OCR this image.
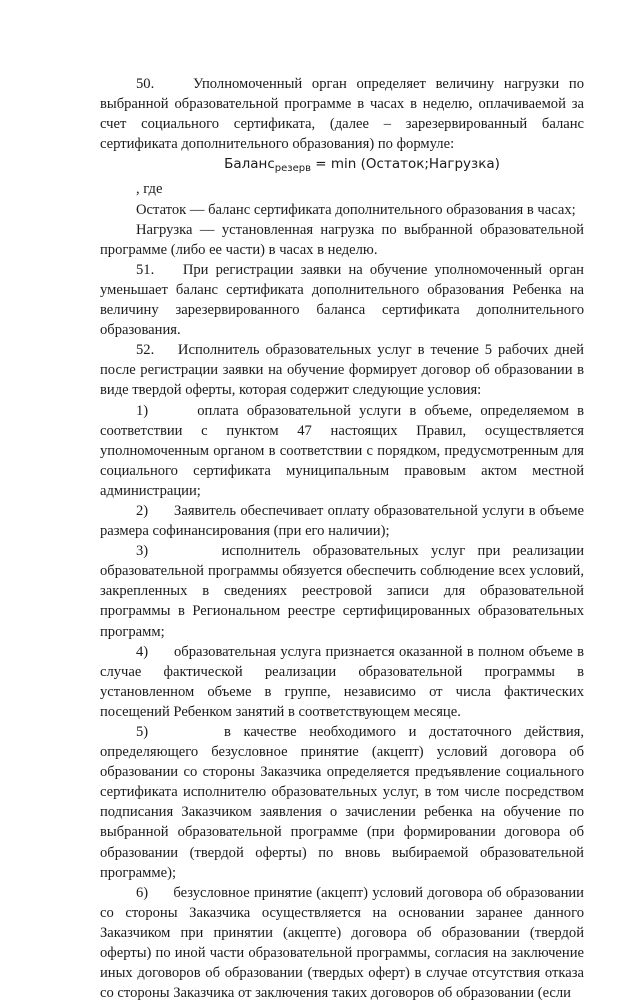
50.    Уполномоченный орган определяет величину нагрузки по выбранной образовательной программе в часах в неделю, оплачиваемой за счет социального сертификата, (далее – зарезервированный баланс сертификата дополнительного образования) по формуле:

Баланс$_{резерв}$ = min (Остаток;Нагрузка)

, где

Остаток — баланс сертификата дополнительного образования в часах;

Нагрузка — установленная нагрузка по выбранной образовательной программе (либо ее части) в часах в неделю.

51.    При регистрации заявки на обучение уполномоченный орган уменьшает баланс сертификата дополнительного образования Ребенка на величину зарезервированного баланса сертификата дополнительного образования.

52.    Исполнитель образовательных услуг в течение 5 рабочих дней после регистрации заявки на обучение формирует договор об образовании в виде твердой оферты, которая содержит следующие условия:

1)      оплата образовательной услуги в объеме, определяемом в соответствии с пунктом 47 настоящих Правил, осуществляется уполномоченным органом в соответствии с порядком, предусмотренным для социального сертификата муниципальным правовым актом местной администрации;

2)      Заявитель обеспечивает оплату образовательной услуги в объеме размера софинансирования (при его наличии);

3)      исполнитель образовательных услуг при реализации образовательной программы обязуется обеспечить соблюдение всех условий, закрепленных в сведениях реестровой записи для образовательной программы в Региональном реестре сертифицированных образовательных программ;

4)      образовательная услуга признается оказанной в полном объеме в случае фактической реализации образовательной программы в установленном объеме в группе, независимо от числа фактических посещений Ребенком занятий в соответствующем месяце.

5)      в качестве необходимого и достаточного действия, определяющего безусловное принятие (акцепт) условий договора об образовании со стороны Заказчика определяется предъявление социального сертификата исполнителю образовательных услуг, в том числе посредством подписания Заказчиком заявления о зачислении ребенка на обучение по выбранной образовательной программе (при формировании договора об образовании (твердой оферты) по вновь выбираемой образовательной программе);

6)      безусловное принятие (акцепт) условий договора об образовании со стороны Заказчика осуществляется на основании заранее данного Заказчиком при принятии (акцепте) договора об образовании (твердой оферты) по иной части образовательной программы, согласия на заключение иных договоров об образовании (твердых оферт) в случае отсутствия отказа со стороны Заказчика от заключения таких договоров об образовании (если
